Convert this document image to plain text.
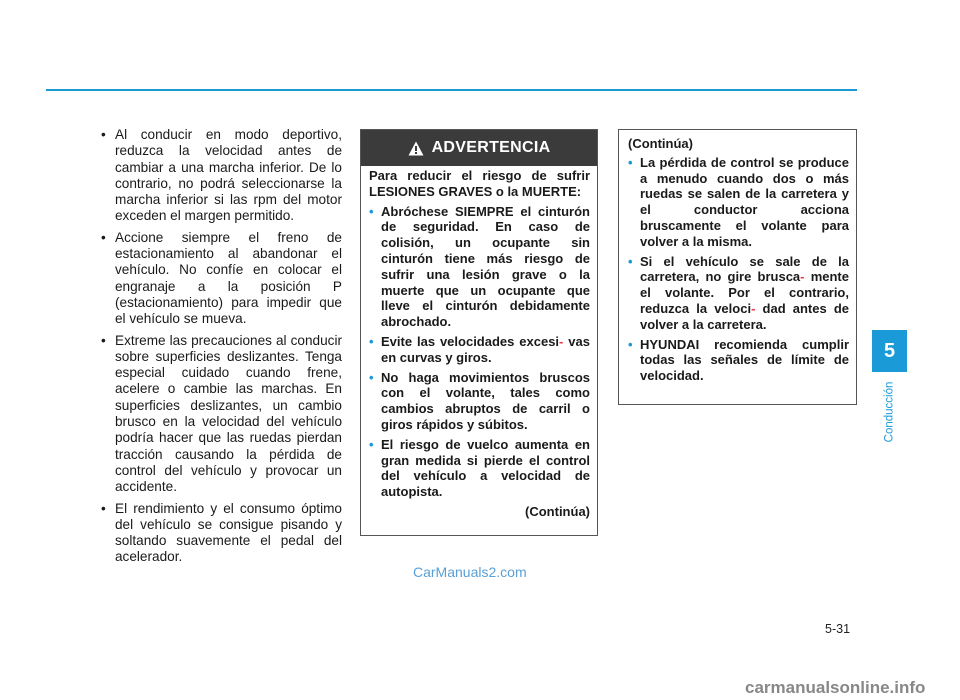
• Al conducir en modo deportivo, reduzca la velocidad antes de cambiar a una marcha inferior. De lo contrario, no podrá seleccionarse la marcha inferior si las rpm del motor exceden el margen permitido.
• Accione siempre el freno de estacionamiento al abandonar el vehículo. No confíe en colocar el engranaje a la posición P (estacionamiento) para impedir que el vehículo se mueva.
• Extreme las precauciones al conducir sobre superficies deslizantes. Tenga especial cuidado cuando frene, acelere o cambie las marchas. En superficies deslizantes, un cambio brusco en la velocidad del vehículo podría hacer que las ruedas pierdan tracción causando la pérdida de control del vehículo y provocar un accidente.
• El rendimiento y el consumo óptimo del vehículo se consigue pisando y soltando suavemente el pedal del acelerador.
ADVERTENCIA

Para reducir el riesgo de sufrir LESIONES GRAVES o la MUERTE:

• Abróchese SIEMPRE el cinturón de seguridad. En caso de colisión, un ocupante sin cinturón tiene más riesgo de sufrir una lesión grave o la muerte que un ocupante que lleve el cinturón debidamente abrochado.
• Evite las velocidades excesi- vas en curvas y giros.
• No haga movimientos bruscos con el volante, tales como cambios abruptos de carril o giros rápidos y súbitos.
• El riesgo de vuelco aumenta en gran medida si pierde el control del vehículo a velocidad de autopista.
(Continúa)

(Continúa)

• La pérdida de control se produce a menudo cuando dos o más ruedas se salen de la carretera y el conductor acciona bruscamente el volante para volver a la misma.
• Si el vehículo se sale de la carretera, no gire brusca- mente el volante. Por el contrario, reduzca la veloci- dad antes de volver a la carretera.
• HYUNDAI recomienda cumplir todas las señales de límite de velocidad.
5
Conducción
CarManuals2.com
5-31
carmanualsonline.info
